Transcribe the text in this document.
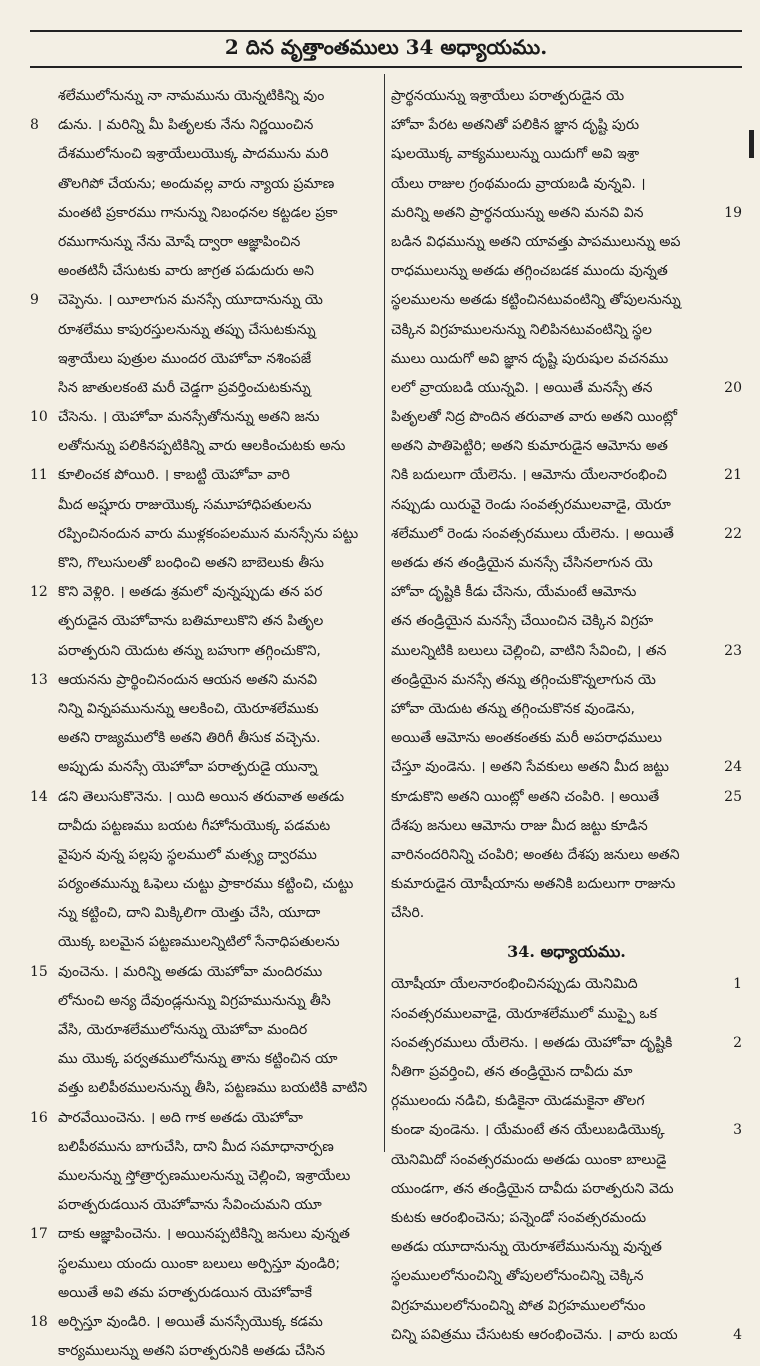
2 దిన వృత్తాంతములు 34 అధ్యాయము.
శలేములోనున్ను నా నామమును యెన్నటికిన్ని వుం
8 డును. । మరిన్ని మీ పితృలకు నేను నిర్ణయించిన
దేశములోనుంచి ఇశ్రాయేలుయొక్క పాదమును మరి
తొలగిపో చేయను; అందువల్ల వారు న్యాయ ప్రమాణ
మంతటి ప్రకారము గానున్ను నిబంధనల కట్టడల ప్రకా
రముగానున్ను నేను మోషే ద్వారా ఆజ్ఞాపించిన
అంతటినీ చేసుటకు వారు జాగ్రత పడుదురు అని
9 చెప్పెను. । యీలాగున మనస్సే యూదానున్ను యె
రూశలేము కాపురస్తులనున్ను తప్పు చేసుటకున్ను
ఇశ్రాయేలు పుత్రుల ముందర యెహోవా నశింపజే
సిన జాతులకంటె మరీ చెడ్డగా ప్రవర్తించుటకున్ను
10 చేసెను. । యెహోవా మనస్సేతోనున్ను అతని జను
లతోనున్ను పలికినప్పటికిన్ని వారు ఆలకించుటకు అను
11 కూలించక పోయిరి. । కాబట్టి యెహోవా వారి
మీద అష్షూరు రాజుయొక్క సమూహాధిపతులను
రప్పించినందున వారు ముళ్లకంపలమున మనస్సేను పట్టు
కొని, గొలుసులతో బంధించి అతని బాబెలుకు తీసు
12 కొని వెళ్లిరి. । అతడు శ్రమలో వున్నప్పుడు తన పర
త్పరుడైన యెహోవాను బతిమాలుకొని తన పితృల
పరాత్పరుని యెదుట తన్ను బహుగా తగ్గించుకొని,
13 ఆయనను ప్రార్థించినందున ఆయన అతని మనవి
నిన్ని విన్నపమునున్ను ఆలకించి, యెరూశలేముకు
అతని రాజ్యములోకి అతని తిరిగీ తీసుక వచ్చెను.
అప్పుడు మనస్సే యెహోవా పరాత్పరుడై యున్నా
14 డని తెలుసుకొనెను. । యిది అయిన తరువాత అతడు
దావీదు పట్టణము బయట గీహోనుయొక్క పడమట
వైపున వున్న పల్లపు స్థలములో మత్స్య ద్వారము
పర్యంతమున్ను ఓఫెలు చుట్టు ప్రాకారము కట్టించి, చుట్టు
న్ను కట్టించి, దాని మిక్కిలిగా యెత్తు చేసి, యూదా
యొక్క బలమైన పట్టణములన్నిటిలో సేనాధిపతులను
15 వుంచెను. । మరిన్ని అతడు యెహోవా మందిరము
లోనుంచి అన్య దేవుండ్లనున్ను విగ్రహమునున్ను తీసి
వేసి, యెరూశలేములోనున్ను యెహోవా మందిర
ము యొక్క పర్వతములోనున్ను తాను కట్టించిన యా
వత్తు బలిపీఠములనున్ను తీసి, పట్టణము బయటికి వాటిని
16 పారవేయించెను. । అది గాక అతడు యెహోవా
బలిపీఠమును బాగుచేసి, దాని మీద సమాధానార్పణ
ములనున్ను స్తోత్రార్పణములనున్ను చెల్లించి, ఇశ్రాయేలు
పరాత్పరుడయిన యెహోవాను సేవించుమని యూ
17 దాకు ఆజ్ఞాపించెను. । అయినప్పటికిన్ని జనులు వున్నత
స్థలములు యందు యింకా బలులు అర్పిస్తూ వుండిరి;
అయితే అవి తమ పరాత్పరుడయిన యెహోవాకే
18 అర్పిస్తూ వుండిరి. । అయితే మనస్సేయొక్క కడమ
కార్యములున్ను అతని పరాత్పరునికి అతడు చేసిన
ప్రార్థనయున్ను ఇశ్రాయేలు పరాత్పరుడైన యె
హోవా పేరట అతనితో పలికిన జ్ఞాన దృష్టి పురు
షులయొక్క వాక్యములున్ను యిదుగో అవి ఇశ్రా
యేలు రాజుల గ్రంథమందు వ్రాయబడి వున్నవి. ।
19
మరిన్ని అతని ప్రార్థనయున్ను అతని మనవి విన
బడిన విధమున్ను అతని యావత్తు పాపములున్ను అప
రాధములున్ను అతడు తగ్గించబడక ముందు వున్నత
స్థలములను అతడు కట్టించినటువంటిన్ని తోపులనున్ను
చెక్కిన విగ్రహములనున్ను నిలిపినటువంటిన్ని స్థల
ములు యిదుగో అవి జ్ఞాన దృష్టి పురుషుల వచనము
20
లలో వ్రాయబడి యున్నవి. । అయితే మనస్సే తన
పితృలతో నిద్ర పొందిన తరువాత వారు అతని యింట్లో
అతని పాతిపెట్టిరి; అతని కుమారుడైన ఆమోను అత
21
నికి బదులుగా యేలెను. । ఆమోను యేలనారంభించి
నప్పుడు యిరువై రెండు సంవత్సరములవాడై, యెరూ
22
శలేములో రెండు సంవత్సరములు యేలెను. । అయితే
అతడు తన తండ్రియైన మనస్సే చేసినలాగున యె
హోవా దృష్టికి కీడు చేసెను, యేమంటే ఆమోను
తన తండ్రియైన మనస్సే చేయించిన చెక్కిన విగ్రహ
23
ములన్నిటికి బలులు చెల్లించి, వాటిని సేవించి, । తన
తండ్రియైన మనస్సే తన్ను తగ్గించుకొన్నలాగున యె
హోవా యెదుట తన్ను తగ్గించుకొనక వుండెను,
అయితే ఆమోను అంతకంతకు మరీ అపరాధములు
24
చేస్తూ వుండెను. । అతని సేవకులు అతని మీద జట్టు
25
కూడుకొని అతని యింట్లో అతని చంపిరి. । అయితే
దేశపు జనులు ఆమోను రాజు మీద జట్టు కూడిన
వారినందరినిన్ని చంపిరి; అంతట దేశపు జనులు అతని
కుమారుడైన యోషీయాను అతనికి బదులుగా రాజును
చేసిరి.
34. అధ్యాయము.
1
యోషీయా యేలనారంభించినప్పుడు యెనిమిది
సంవత్సరములవాడై, యెరూశలేములో ముప్పై ఒక
2
సంవత్సరములు యేలెను. । అతడు యెహోవా దృష్టికి
నీతిగా ప్రవర్తించి, తన తండ్రియైన దావీదు మా
ర్గములందు నడిచి, కుడికైనా యెడమకైనా తొలగ
3
కుండా వుండెను. । యేమంటే తన యేలుబడియొక్క
యెనిమిదో సంవత్సరమందు అతడు యింకా బాలుడై
యుండగా, తన తండ్రియైన దావీదు పరాత్పరుని వెదు
కుటకు ఆరంభించెను; పన్నెండో సంవత్సరమందు
అతడు యూదానున్ను యెరూశలేమునున్ను వున్నత
స్థలములలోనుంచిన్ని తోపులలోనుంచిన్ని చెక్కిన
విగ్రహములలోనుంచిన్ని పోత విగ్రహములలోనుం
4
చిన్ని పవిత్రము చేసుటకు ఆరంభించెను. । వారు బయ
